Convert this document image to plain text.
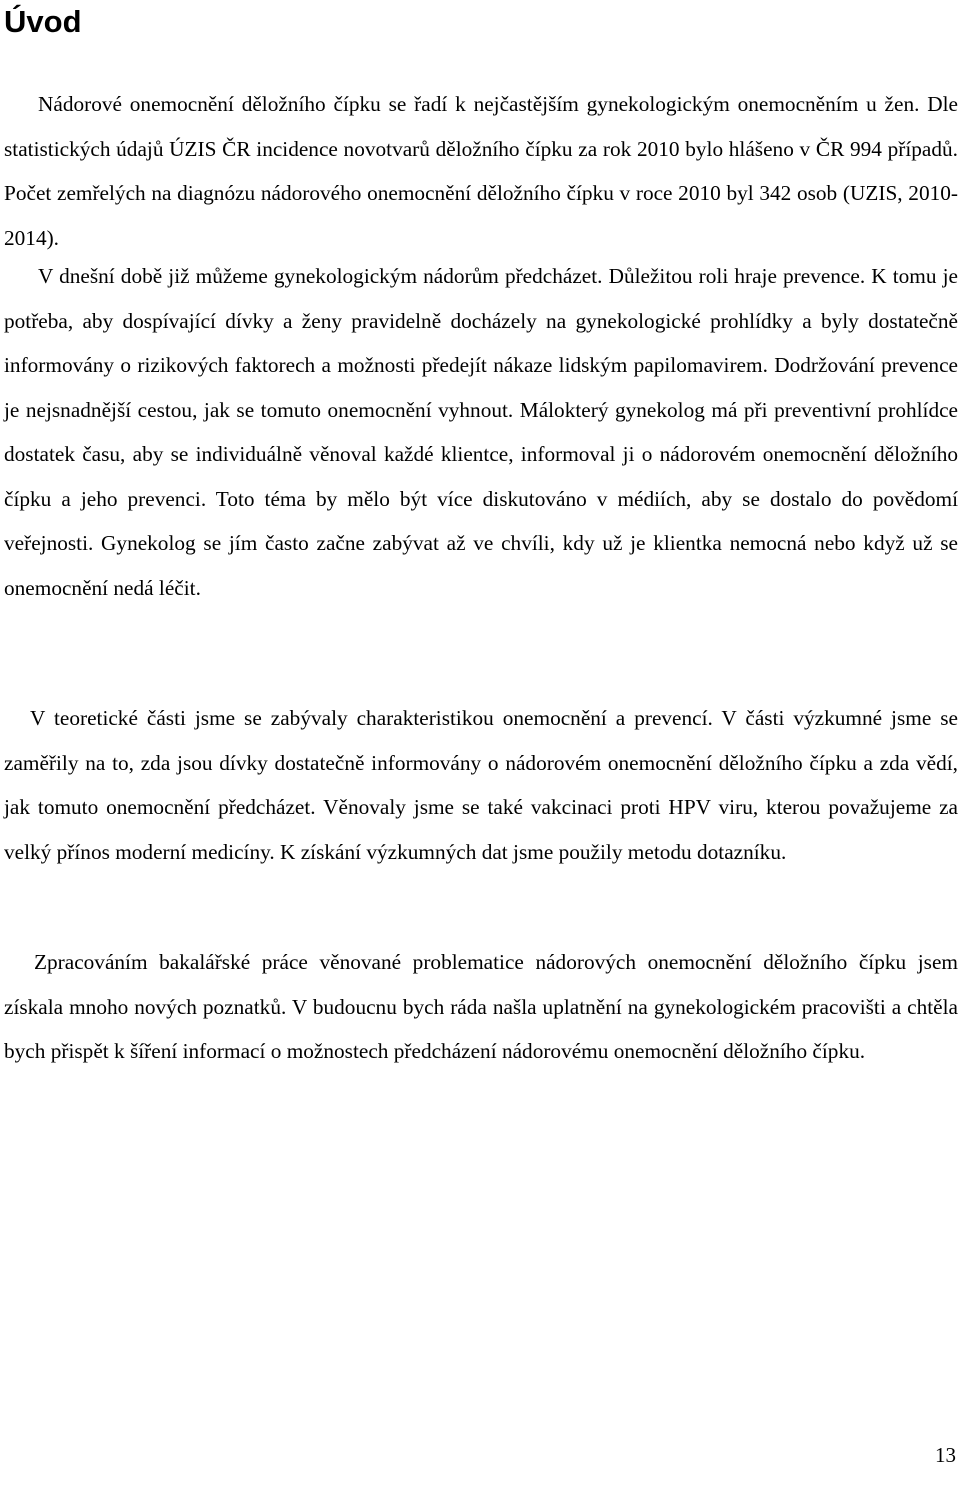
Úvod

Nádorové onemocnění děložního čípku se řadí k nejčastějším gynekologickým onemocněním u žen. Dle statistických údajů ÚZIS ČR incidence novotvarů děložního čípku za rok 2010 bylo hlášeno v ČR 994 případů. Počet zemřelých na diagnózu nádorového onemocnění děložního čípku v roce 2010 byl 342 osob (UZIS, 2010-2014).

V dnešní době již můžeme gynekologickým nádorům předcházet. Důležitou roli hraje prevence. K tomu je potřeba, aby dospívající dívky a ženy pravidelně docházely na gynekologické prohlídky a byly dostatečně informovány o rizikových faktorech a možnosti předejít nákaze lidským papilomavirem. Dodržování prevence je nejsnadnější cestou, jak se tomuto onemocnění vyhnout. Málokterý gynekolog má při preventivní prohlídce dostatek času, aby se individuálně věnoval každé klientce, informoval ji o nádorovém onemocnění děložního čípku a jeho prevenci. Toto téma by mělo být více diskutováno v médiích, aby se dostalo do povědomí veřejnosti. Gynekolog se jím často začne zabývat až ve chvíli, kdy už je klientka nemocná nebo když už se onemocnění nedá léčit.

V teoretické části jsme se zabývaly charakteristikou onemocnění a prevencí. V části výzkumné jsme se zaměřily na to, zda jsou dívky dostatečně informovány o nádorovém onemocnění děložního čípku a zda vědí, jak tomuto onemocnění předcházet. Věnovaly jsme se také vakcinaci proti HPV viru, kterou považujeme za velký přínos moderní medicíny. K získání výzkumných dat jsme použily metodu dotazníku.

Zpracováním bakalářské práce věnované problematice nádorových onemocnění děložního čípku jsem získala mnoho nových poznatků. V budoucnu bych ráda našla uplatnění na gynekologickém pracovišti a chtěla bych přispět k šíření informací o možnostech předcházení nádorovému onemocnění děložního čípku.

13
